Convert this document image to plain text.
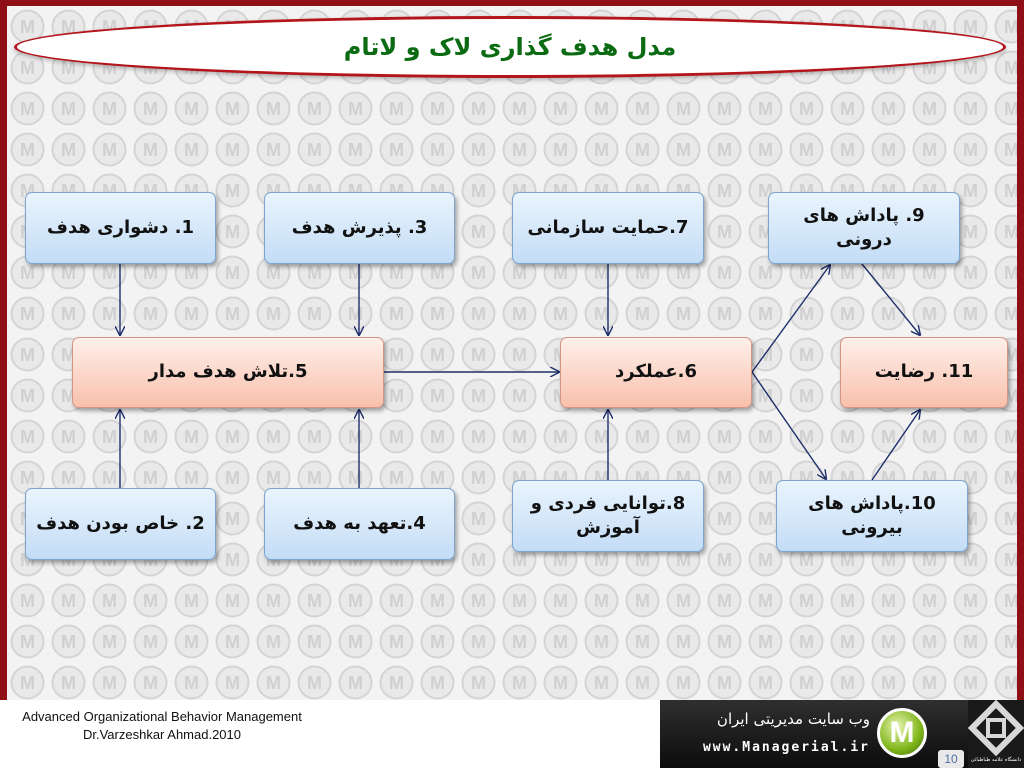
مدل هدف گذاری لاک و لاتام
1. دشواری هدف	3. پذیرش هدف	7.حمایت سازمانی
9. پاداش های درونی
5.تلاش هدف مدار	6.عملکرد	11. رضایت
2. خاص بودن هدف	4.تعهد به هدف
8.توانایی فردی و آموزش
10.پاداش های بیرونی
Advanced Organizational Behavior Management
Dr.Varzeshkar Ahmad.2010
وب سایت مدیریتی ایران
www.Managerial.ir M
10	دانشگاه علامه طباطبائی
